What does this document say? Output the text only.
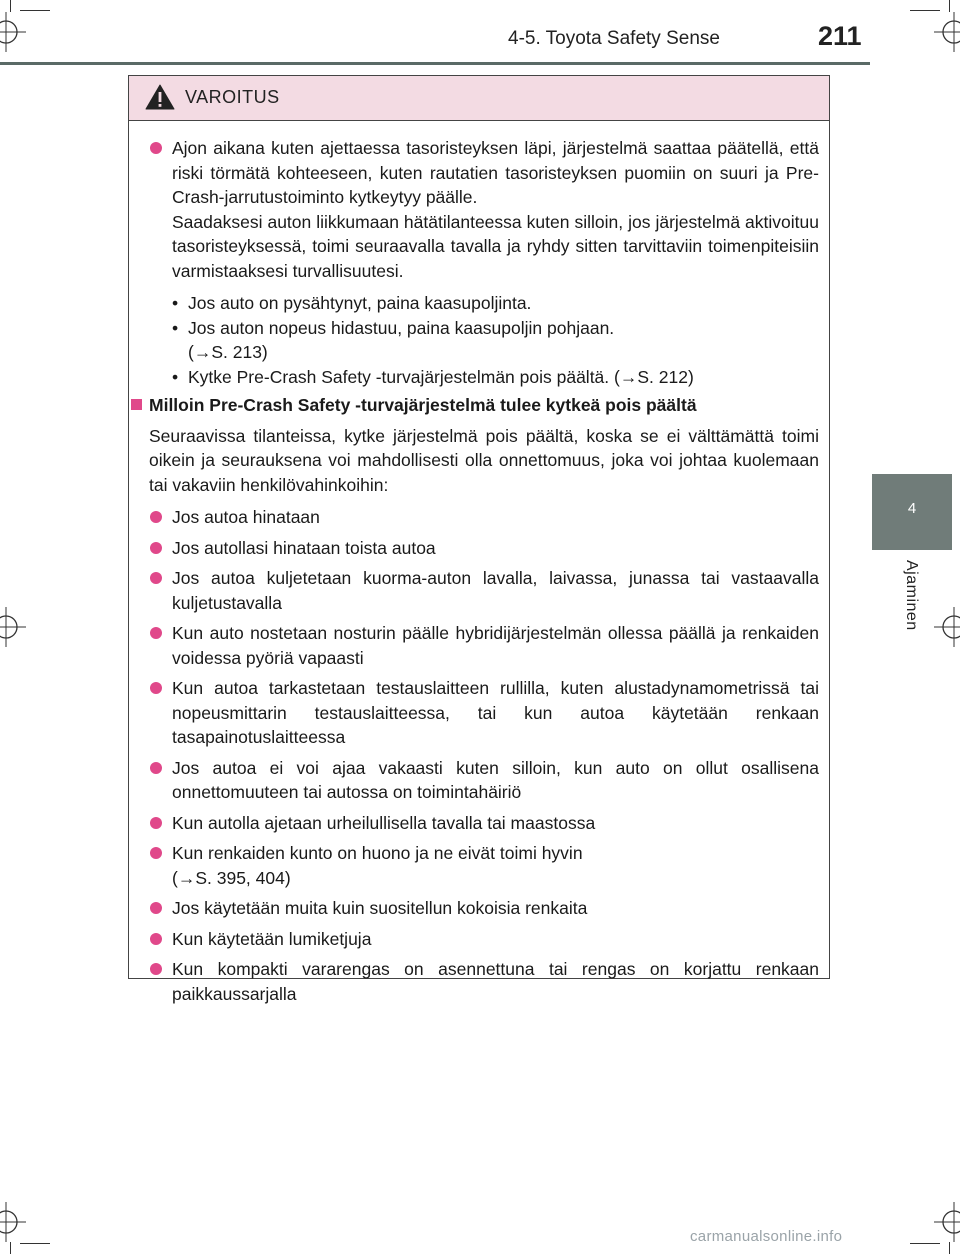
4-5. Toyota Safety Sense	211
4
Ajaminen
VAROITUS
Ajon aikana kuten ajettaessa tasoristeyksen läpi, järjestelmä saattaa päätellä, että riski törmätä kohteeseen, kuten rautatien tasoristeyksen puomiin on suuri ja Pre-Crash-jarrutustoiminto kytkeytyy päälle.
Saadaksesi auton liikkumaan hätätilanteessa kuten silloin, jos järjestelmä aktivoituu tasoristeyksessä, toimi seuraavalla tavalla ja ryhdy sitten tarvittaviin toimenpiteisiin varmistaaksesi turvallisuutesi.
• Jos auto on pysähtynyt, paina kaasupoljinta.
• Jos auton nopeus hidastuu, paina kaasupoljin pohjaan.
(→S. 213)
• Kytke Pre-Crash Safety -turvajärjestelmän pois päältä. (→S. 212)
Milloin Pre-Crash Safety -turvajärjestelmä tulee kytkeä pois päältä
Seuraavissa tilanteissa, kytke järjestelmä pois päältä, koska se ei välttämättä toimi oikein ja seurauksena voi mahdollisesti olla onnettomuus, joka voi johtaa kuolemaan tai vakaviin henkilövahinkoihin:
Jos autoa hinataan
Jos autollasi hinataan toista autoa
Jos autoa kuljetetaan kuorma-auton lavalla, laivassa, junassa tai vastaavalla kuljetustavalla
Kun auto nostetaan nosturin päälle hybridijärjestelmän ollessa päällä ja renkaiden voidessa pyöriä vapaasti
Kun autoa tarkastetaan testauslaitteen rullilla, kuten alustadynamometrissä tai nopeusmittarin testauslaitteessa, tai kun autoa käytetään renkaan tasapainotuslaitteessa
Jos autoa ei voi ajaa vakaasti kuten silloin, kun auto on ollut osallisena onnettomuuteen tai autossa on toimintahäiriö
Kun autolla ajetaan urheilullisella tavalla tai maastossa
Kun renkaiden kunto on huono ja ne eivät toimi hyvin
(→S. 395, 404)
Jos käytetään muita kuin suositellun kokoisia renkaita
Kun käytetään lumiketjuja
Kun kompakti vararengas on asennettuna tai rengas on korjattu renkaan paikkaussarjalla
carmanualsonline.info
